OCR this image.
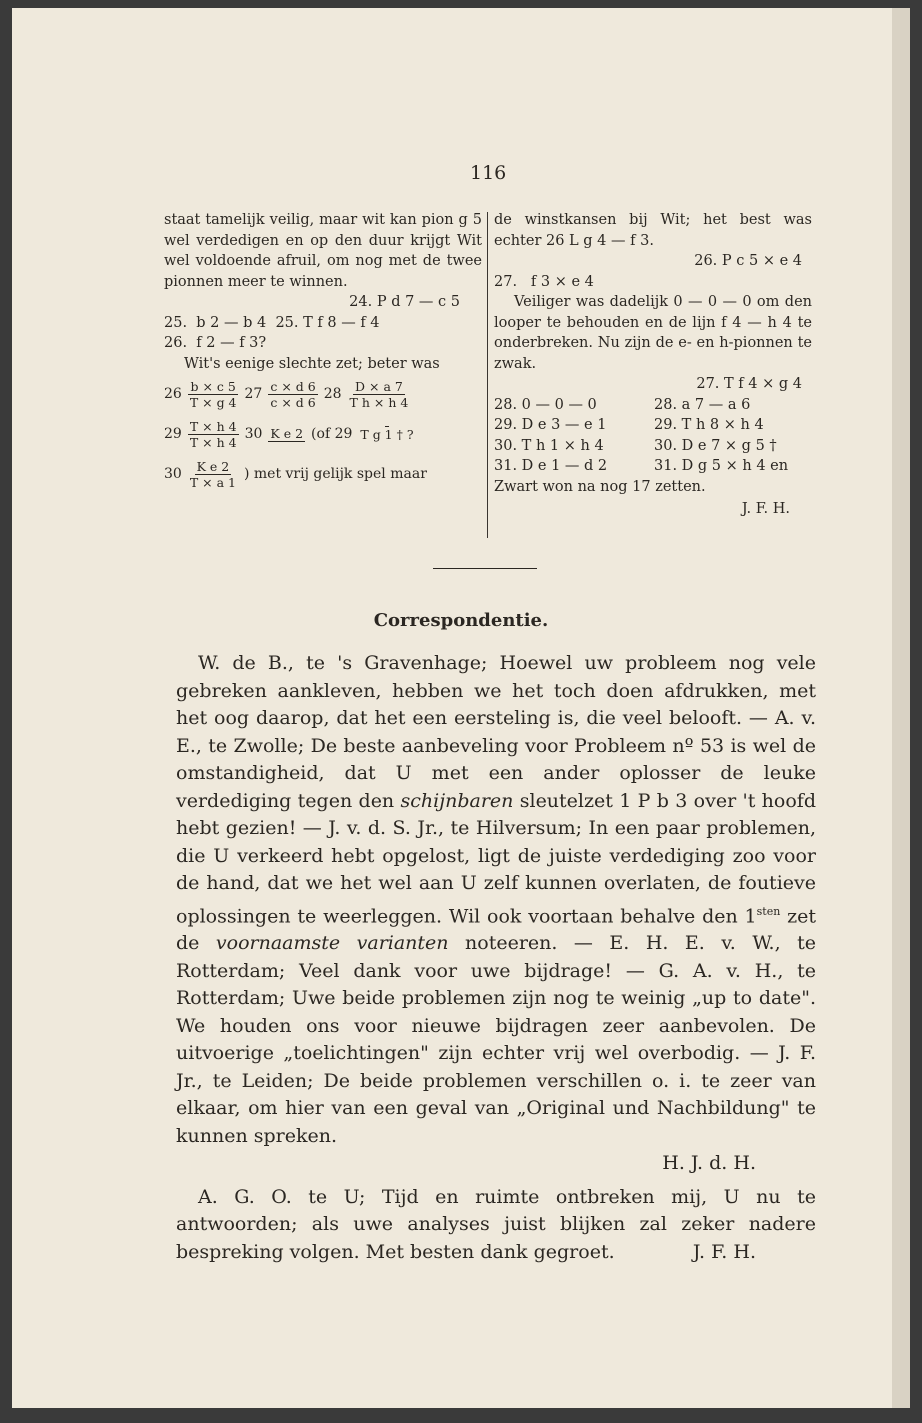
116

staat tamelijk veilig, maar wit kan pion g 5 wel verdedigen en op den duur krijgt Wit wel voldoende afruil, om nog met de twee pionnen meer te winnen.

24. P d 7 — c 5
25.  b 2 — b 4  25. T f 8 — f 4
26.  f 2 — f 3?

Wit's eenige slechte zet; beter was

$26 \frac{b \times c 5}{T \times g 4} 27 \frac{c \times d 6}{c \times d 6} 28 \frac{D \times a 7}{\text{T h × h 4}}$
$29 \frac{T \times h 4}{T \times h 4} 30$ K e 2 (of 29 T g 1 † ?
$30 \frac{\text{K e 2}}{T \times a 1}$ ) met vrij gelijk spel maar

de winstkansen bij Wit; het best was echter 26 L g 4 — f 3.

26. P c 5 × e 4
27.   f 3 × e 4

Veiliger was dadelijk 0 — 0 — 0 om den looper te behouden en de lijn f 4 — h 4 te onderbreken. Nu zijn de e- en h-pionnen te zwak.

27. T f 4 × g 4
28. 0 — 0 — 0	28. a 7 — a 6
29. D e 3 — e 1	29. T h 8 × h 4
30. T h 1 × h 4	30. D e 7 × g 5 †
31. D e 1 — d 2	31. D g 5 × h 4 en
Zwart won na nog 17 zetten.
J. F. H.
Correspondentie.

W. de B., te 's Gravenhage; Hoewel uw probleem nog vele gebreken aankleven, hebben we het toch doen afdrukken, met het oog daarop, dat het een eersteling is, die veel belooft. — A. v. E., te Zwolle; De beste aanbeveling voor Probleem nº 53 is wel de omstandigheid, dat U met een ander oplosser de leuke verdediging tegen den schijnbaren sleutelzet 1 P b 3 over 't hoofd hebt gezien! — J. v. d. S. Jr., te Hilversum; In een paar problemen, die U verkeerd hebt opgelost, ligt de juiste verdediging zoo voor de hand, dat we het wel aan U zelf kunnen overlaten, de foutieve oplossingen te weerleggen. Wil ook voortaan behalve den $1^{sten}$ zet de voornaamste varianten noteeren. — E. H. E. v. W., te Rotterdam; Veel dank voor uwe bijdrage! — G. A. v. H., te Rotterdam; Uwe beide problemen zijn nog te weinig „up to date". We houden ons voor nieuwe bijdragen zeer aanbevolen. De uitvoerige „toelichtingen" zijn echter vrij wel overbodig. — J. F. Jr., te Leiden; De beide problemen verschillen o. i. te zeer van elkaar, om hier van een geval van „Original und Nachbildung" te kunnen spreken.

H. J. d. H.

A. G. O. te U; Tijd en ruimte ontbreken mij, U nu te antwoorden; als uwe analyses juist blijken zal zeker nadere bespreking volgen. Met besten dank gegroet.	J. F. H.
